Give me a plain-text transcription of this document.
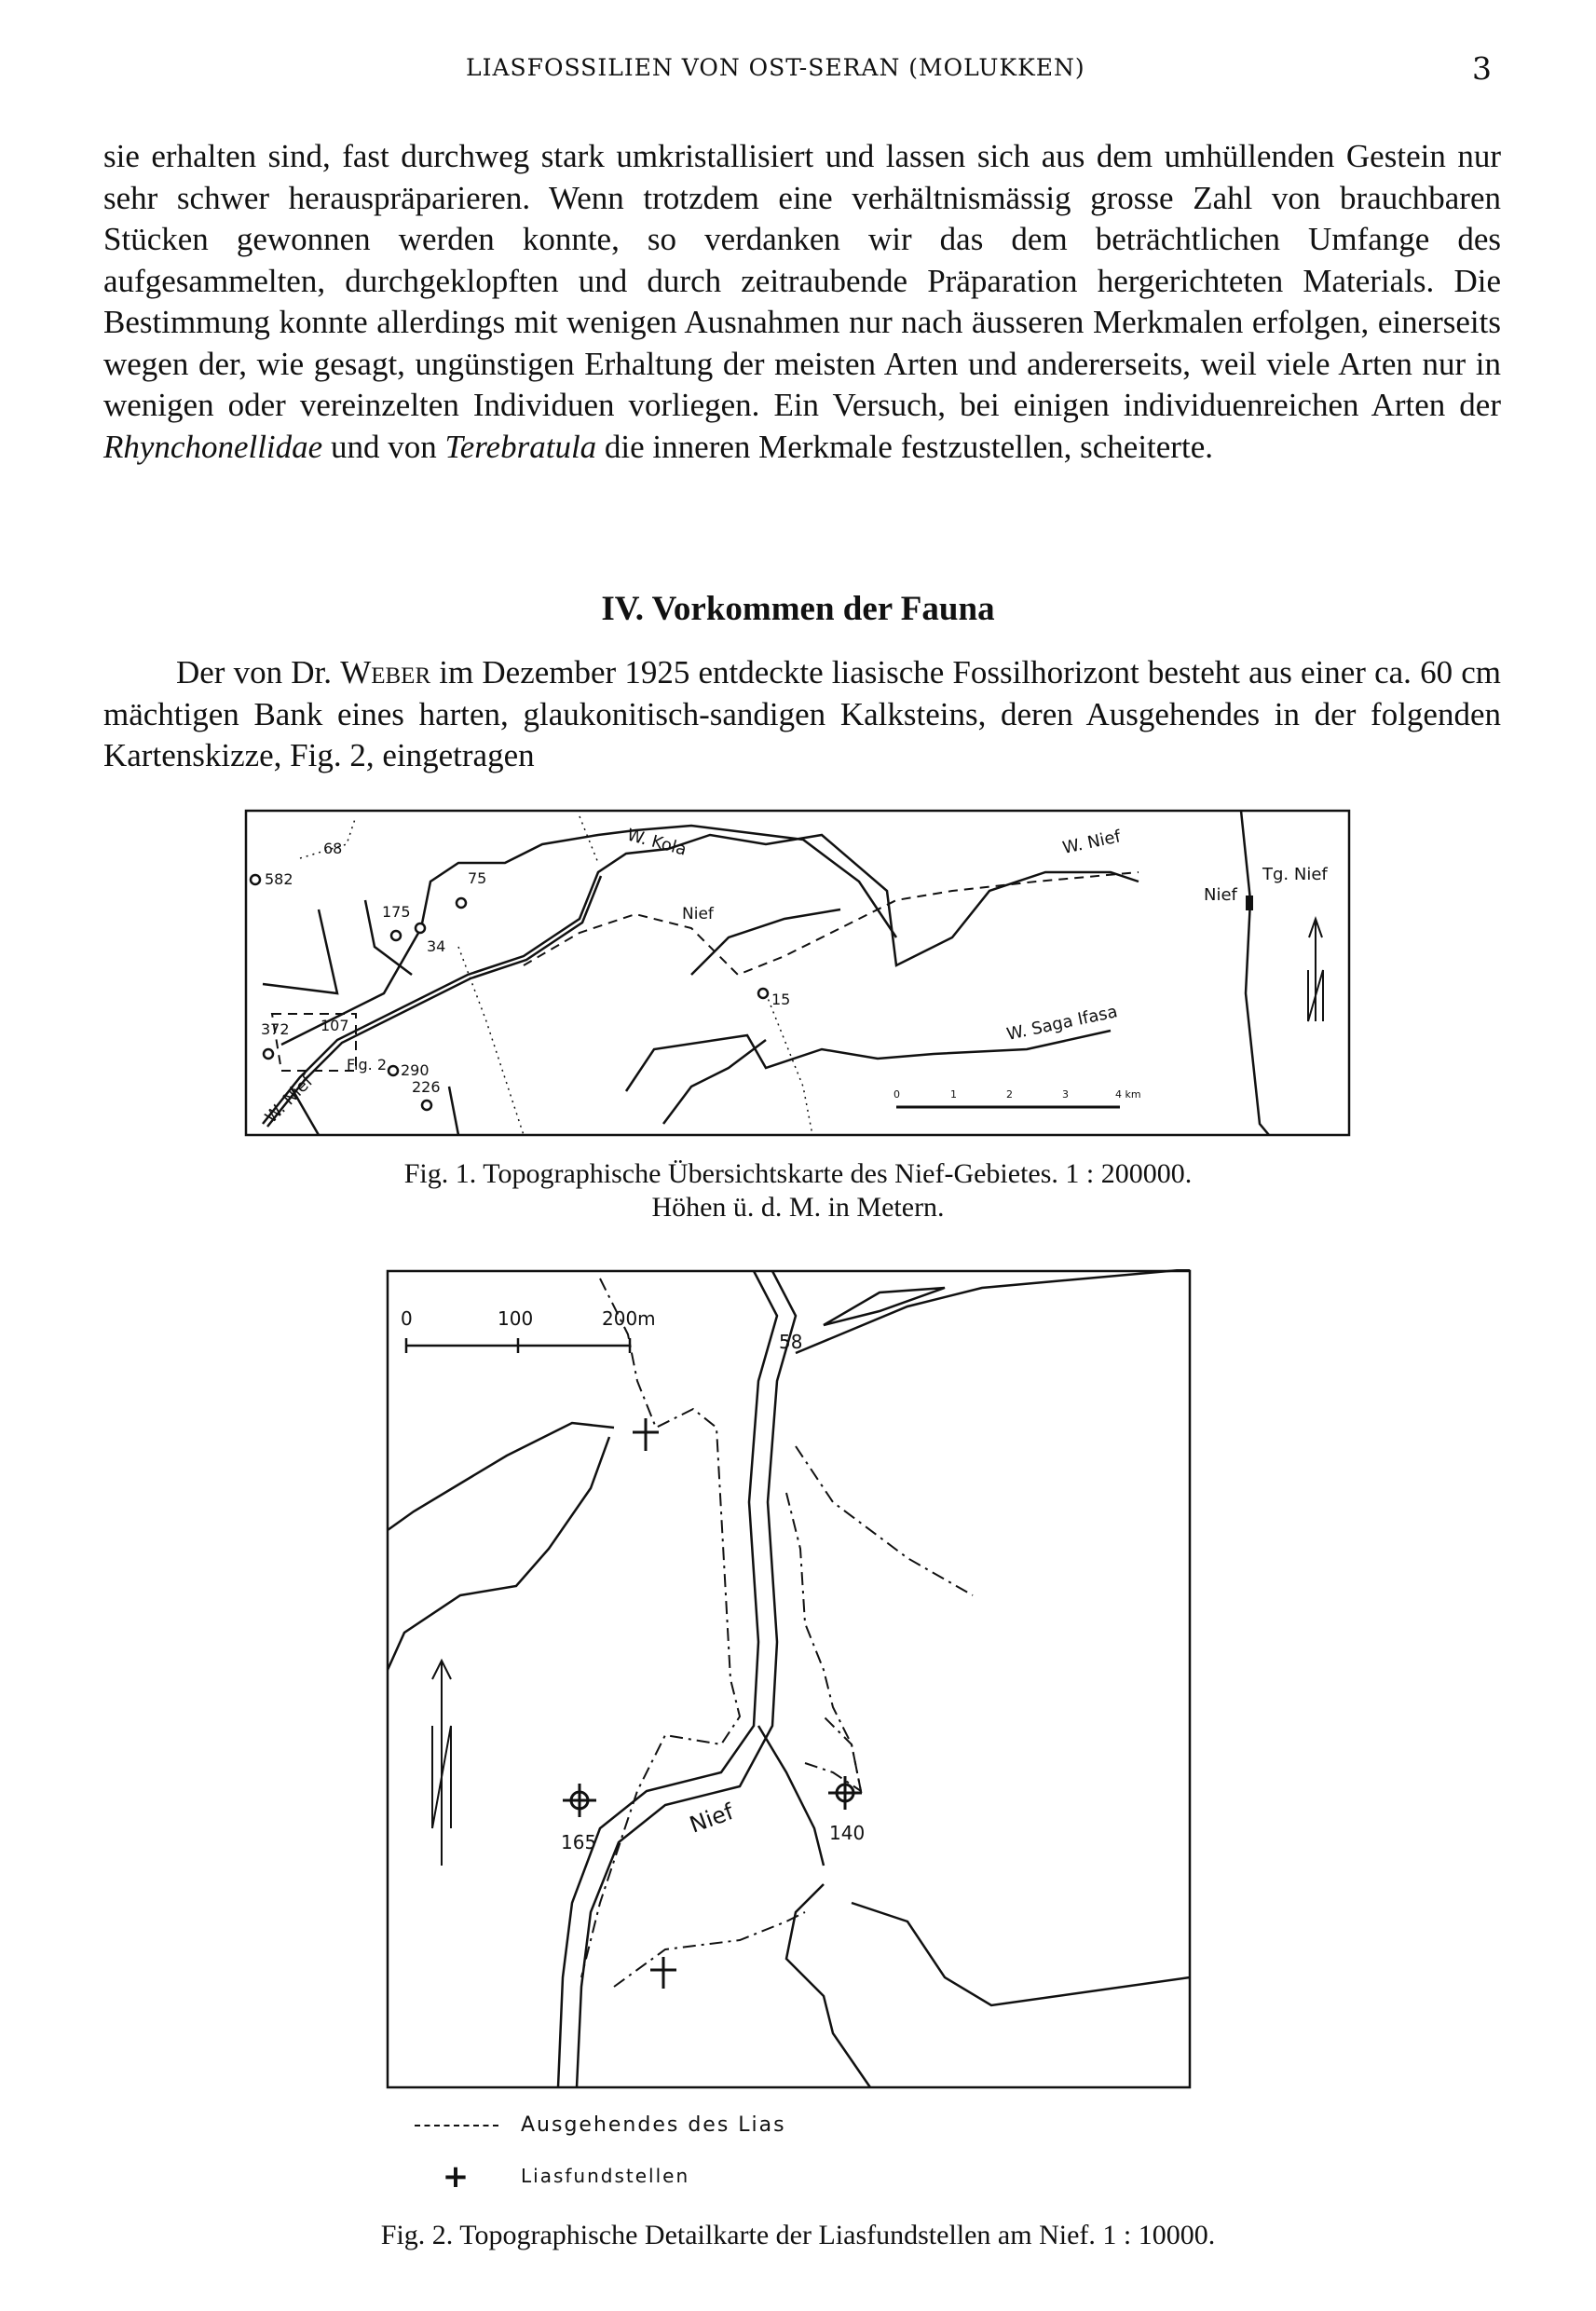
LIASFOSSILIEN VON OST-SERAN (MOLUKKEN)	3

sie erhalten sind, fast durchweg stark umkristallisiert und lassen sich aus dem umhüllenden Gestein nur sehr schwer herauspräparieren. Wenn trotzdem eine verhältnismässig grosse Zahl von brauchbaren Stücken gewonnen werden konnte, so verdanken wir das dem beträchtlichen Umfange des aufgesammelten, durchgeklopften und durch zeitraubende Präparation hergerichteten Materials. Die Bestimmung konnte allerdings mit wenigen Ausnahmen nur nach äusseren Merkmalen erfolgen, einerseits wegen der, wie gesagt, ungünstigen Erhaltung der meisten Arten und andererseits, weil viele Arten nur in wenigen oder vereinzelten Individuen vorliegen. Ein Versuch, bei einigen individuenreichen Arten der Rhynchonellidae und von Terebratula die inneren Merkmale festzustellen, scheiterte.

IV. Vorkommen der Fauna

Der von Dr. Weber im Dezember 1925 entdeckte liasische Fossilhorizont besteht aus einer ca. 60 cm mächtigen Bank eines harten, glaukonitisch-sandigen Kalksteins, deren Ausgehendes in der folgenden Kartenskizze, Fig. 2, eingetragen

582
68
175
75
34
15
372 107
290
226
Fig. 2
Nief
Tg. Nief
W. Kola	W. Nief
W. Nief
Nief
W. Saga Ifasa
0	1	2	3	4 km
Fig. 1. Topographische Übersichtskarte des Nief-Gebietes. 1 : 200000.
Höhen ü. d. M. in Metern.
58
165	140
Nief
0	100	200m
Ausgehendes des Lias
+	Liasfundstellen
Fig. 2. Topographische Detailkarte der Liasfundstellen am Nief. 1 : 10000.
